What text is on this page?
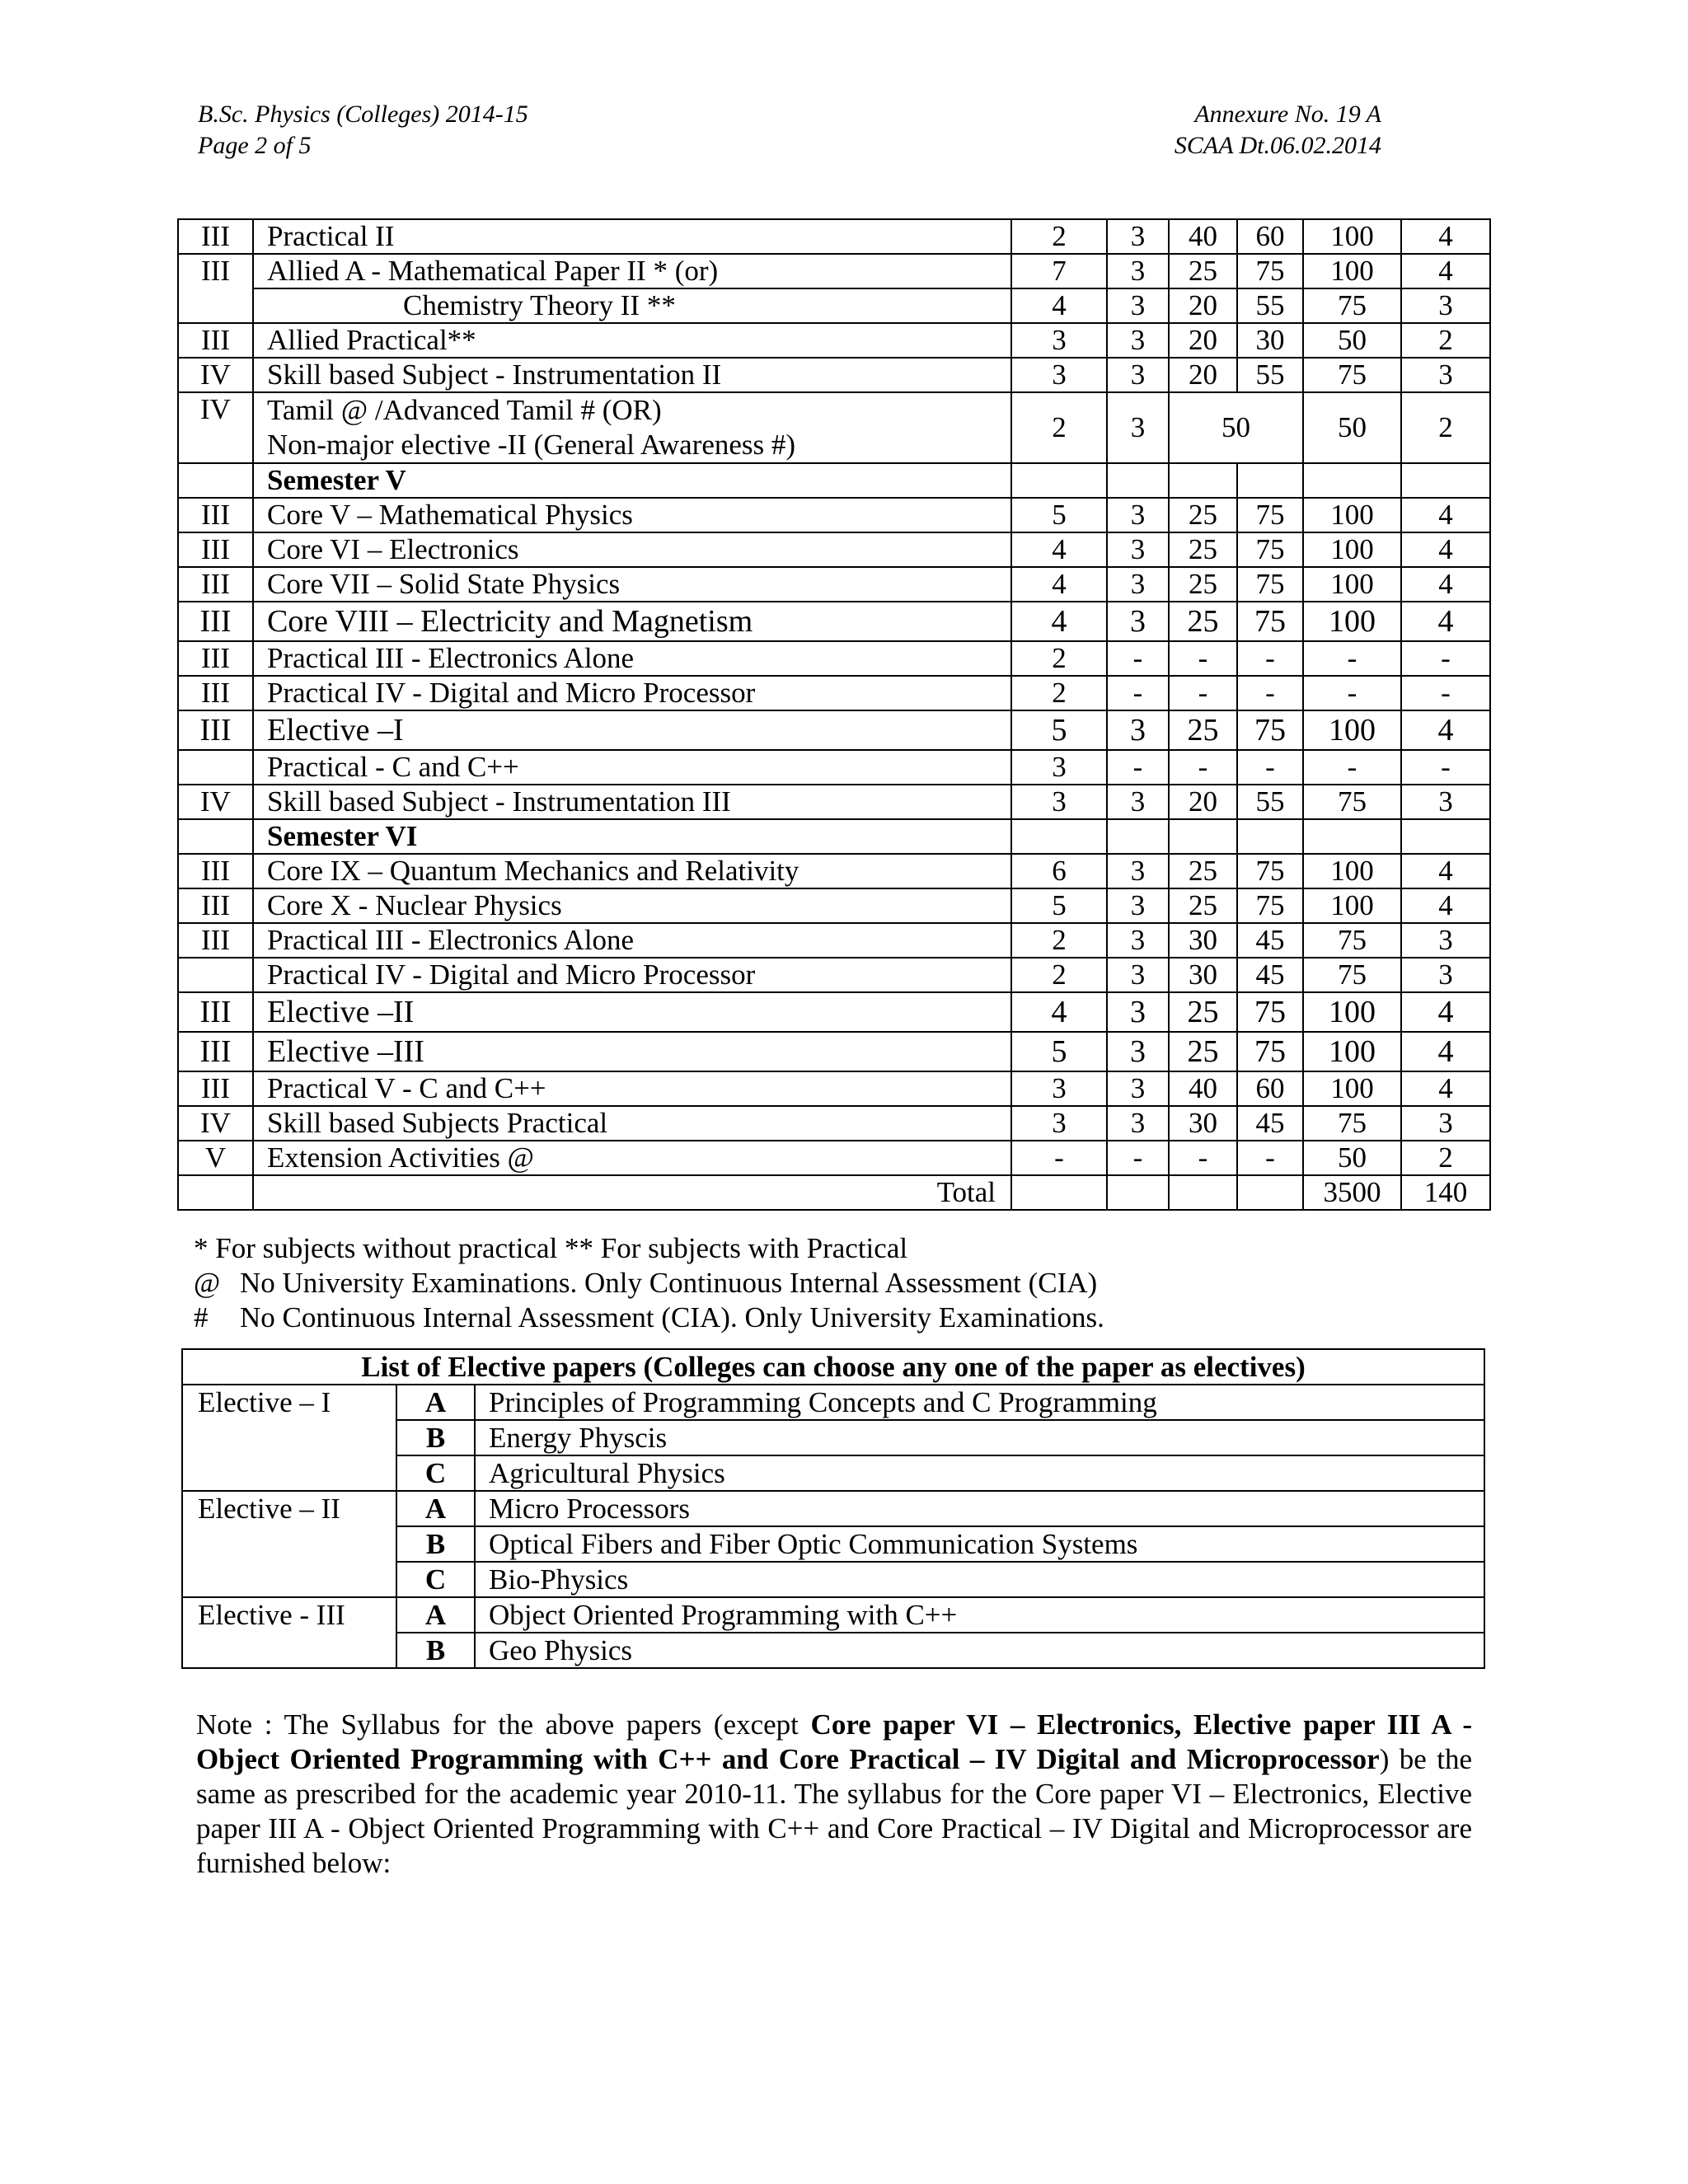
B.Sc. Physics (Colleges) 2014-15
Page 2 of 5
Annexure No. 19 A
SCAA Dt.06.02.2014
III	Practical II	2	3	40	60	100	4
III	Allied A - Mathematical Paper II * (or)	7	3	25	75	100	4
	Chemistry Theory II **	4	3	20	55	75	3
III	Allied Practical**	3	3	20	30	50	2
IV	Skill based Subject - Instrumentation II	3	3	20	55	75	3
IV	Tamil @ /Advanced Tamil # (OR)
Non-major elective -II (General Awareness #)	2	3	50		50	2
	Semester V						
III	Core V – Mathematical Physics	5	3	25	75	100	4
III	Core VI – Electronics	4	3	25	75	100	4
III	Core VII – Solid State Physics	4	3	25	75	100	4
III	Core VIII – Electricity and Magnetism	4	3	25	75	100	4
III	Practical III - Electronics Alone	2	-	-	-	-	-
III	Practical IV - Digital and Micro Processor	2	-	-	-	-	-
III	Elective –I	5	3	25	75	100	4
	Practical - C and C++	3	-	-	-	-	-
IV	Skill based Subject - Instrumentation III	3	3	20	55	75	3
	Semester VI						
III	Core IX – Quantum Mechanics and Relativity	6	3	25	75	100	4
III	Core X - Nuclear Physics	5	3	25	75	100	4
III	Practical III - Electronics Alone	2	3	30	45	75	3
	Practical IV - Digital and Micro Processor	2	3	30	45	75	3
III	Elective –II	4	3	25	75	100	4
III	Elective –III	5	3	25	75	100	4
III	Practical V - C and C++	3	3	40	60	100	4
IV	Skill based Subjects Practical	3	3	30	45	75	3
V	Extension Activities @	-	-	-	-	50	2
	Total					3500	140
* For subjects without practical ** For subjects with Practical
@ No University Examinations. Only Continuous Internal Assessment (CIA)
# No Continuous Internal Assessment (CIA). Only University Examinations.
List of Elective papers (Colleges can choose any one of the paper as electives)		
Elective – I	A	Principles of Programming Concepts and C Programming
	B	Energy Physcis
	C	Agricultural Physics
Elective – II	A	Micro Processors
	B	Optical Fibers and Fiber Optic Communication Systems
	C	Bio-Physics
Elective - III	A	Object Oriented Programming with C++
	B	Geo Physics
Note : The Syllabus for the above papers (except Core paper VI – Electronics, Elective paper III A - Object Oriented Programming with C++ and Core Practical – IV Digital and Microprocessor) be the same as prescribed for the academic year 2010-11. The syllabus for the Core paper VI – Electronics, Elective paper III A - Object Oriented Programming with C++ and Core Practical – IV Digital and Microprocessor are furnished below:
